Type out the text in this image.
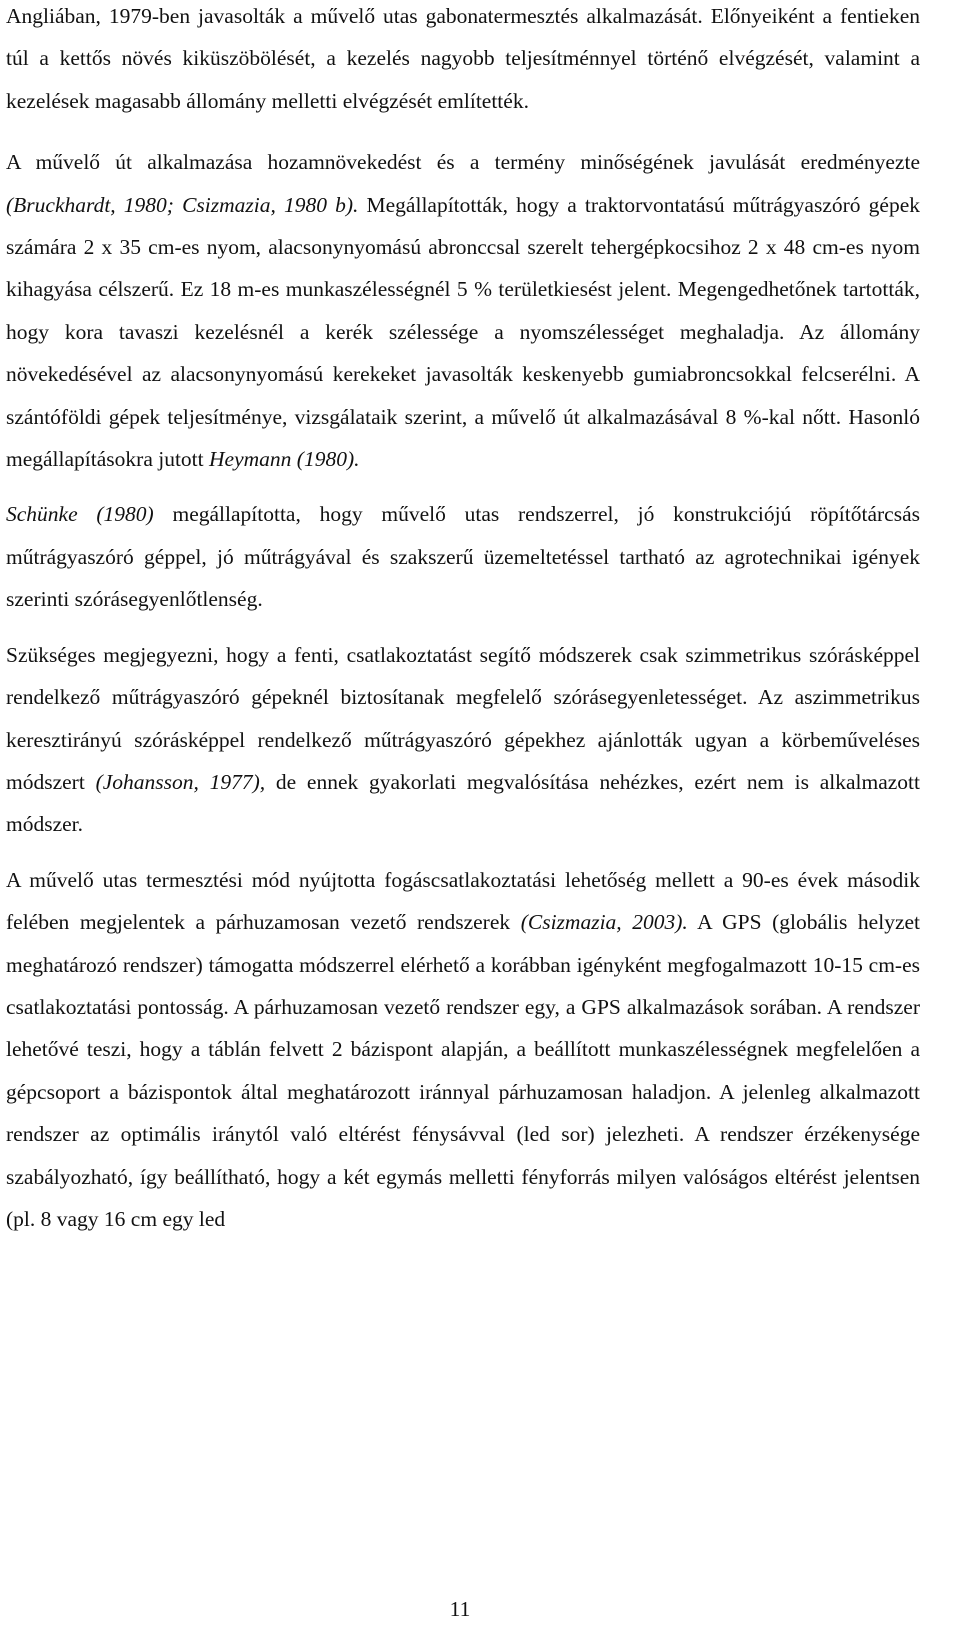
Angliában, 1979-ben javasolták a művelő utas gabonatermesztés alkalmazását. Előnyeiként a fentieken túl a kettős növés kiküszöbölését, a kezelés nagyobb teljesítménnyel történő elvégzését, valamint a kezelések magasabb állomány melletti elvégzését említették.

A művelő út alkalmazása hozamnövekedést és a termény minőségének javulását eredményezte (Bruckhardt, 1980; Csizmazia, 1980 b). Megállapították, hogy a traktorvontatású műtrágyaszóró gépek számára 2 x 35 cm-es nyom, alacsonynyomású abronccsal szerelt tehergépkocsihoz 2 x 48 cm-es nyom kihagyása célszerű. Ez 18 m-es munkaszélességnél 5 % területkiesést jelent. Megengedhetőnek tartották, hogy kora tavaszi kezelésnél a kerék szélessége a nyomszélességet meghaladja. Az állomány növekedésével az alacsonynyomású kerekeket javasolták keskenyebb gumiabroncsokkal felcserélni. A szántóföldi gépek teljesítménye, vizsgálataik szerint, a művelő út alkalmazásával 8 %-kal nőtt. Hasonló megállapításokra jutott Heymann (1980).

Schünke (1980) megállapította, hogy művelő utas rendszerrel, jó konstrukciójú röpítőtárcsás műtrágyaszóró géppel, jó műtrágyával és szakszerű üzemeltetéssel tartható az agrotechnikai igények szerinti szórásegyenlőtlenség.

Szükséges megjegyezni, hogy a fenti, csatlakoztatást segítő módszerek csak szimmetrikus szórásképpel rendelkező műtrágyaszóró gépeknél biztosítanak megfelelő szórásegyenletességet. Az aszimmetrikus keresztirányú szórásképpel rendelkező műtrágyaszóró gépekhez ajánlották ugyan a körbeműveléses módszert (Johansson, 1977), de ennek gyakorlati megvalósítása nehézkes, ezért nem is alkalmazott módszer.

A művelő utas termesztési mód nyújtotta fogáscsatlakoztatási lehetőség mellett a 90-es évek második felében megjelentek a párhuzamosan vezető rendszerek (Csizmazia, 2003). A GPS (globális helyzet meghatározó rendszer) támogatta módszerrel elérhető a korábban igényként megfogalmazott 10-15 cm-es csatlakoztatási pontosság. A párhuzamosan vezető rendszer egy, a GPS alkalmazások sorában. A rendszer lehetővé teszi, hogy a táblán felvett 2 bázispont alapján, a beállított munkaszélességnek megfelelően a gépcsoport a bázispontok által meghatározott iránnyal párhuzamosan haladjon. A jelenleg alkalmazott rendszer az optimális iránytól való eltérést fénysávval (led sor) jelezheti. A rendszer érzékenysége szabályozható, így beállítható, hogy a két egymás melletti fényforrás milyen valóságos eltérést jelentsen (pl. 8 vagy 16 cm egy led

11
